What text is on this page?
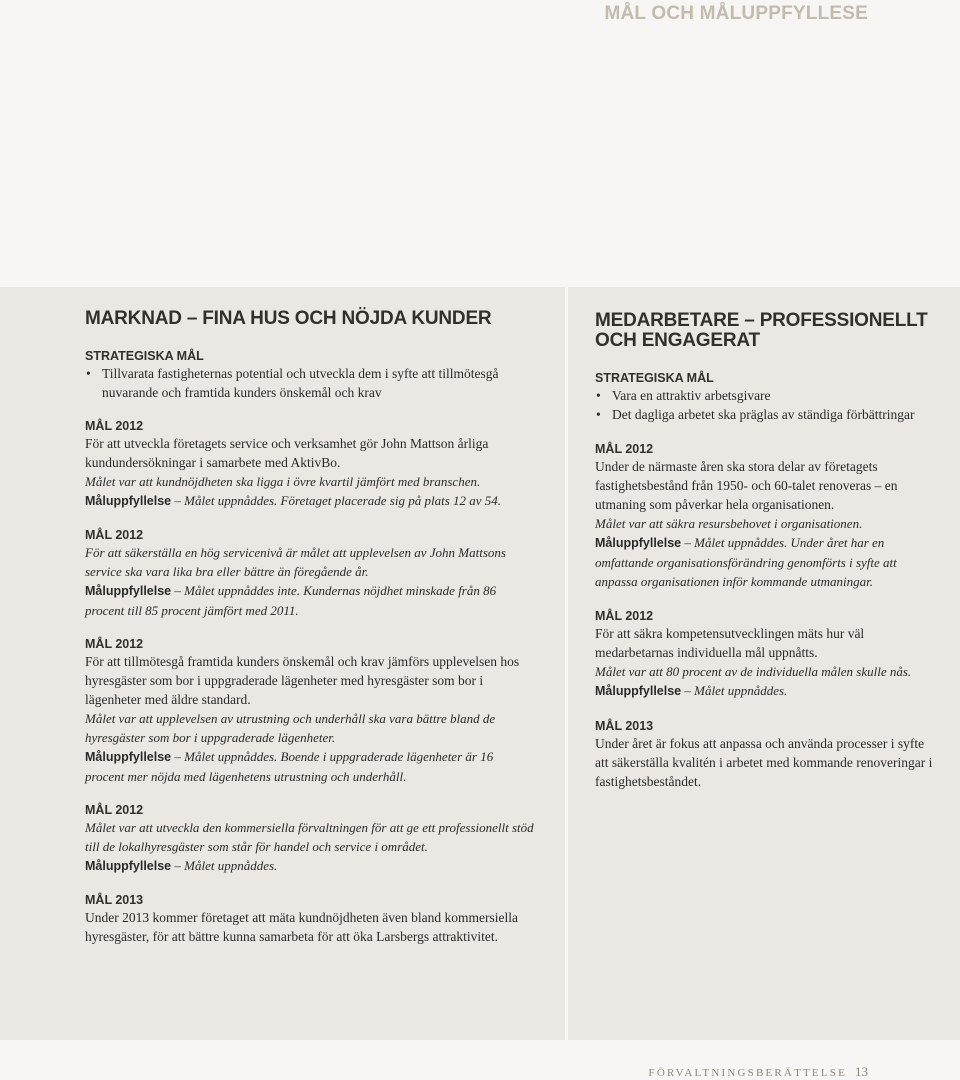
MÅL OCH MÅLUPPFYLLESE
MARKNAD – FINA HUS OCH NÖJDA KUNDER
STRATEGISKA MÅL
• Tillvarata fastigheternas potential och utveckla dem i syfte att tillmötesgå nuvarande och framtida kunders önskemål och krav
MÅL 2012

För att utveckla företagets service och verksamhet gör John Mattson årliga kundundersökningar i samarbete med AktivBo.

Målet var att kundnöjdheten ska ligga i övre kvartil jämfört med branschen.

Måluppfyllelse – Målet uppnåddes. Företaget placerade sig på plats 12 av 54.

MÅL 2012

För att säkerställa en hög servicenivå är målet att upplevelsen av John Mattsons service ska vara lika bra eller bättre än föregående år.

Måluppfyllelse – Målet uppnåddes inte. Kundernas nöjdhet minskade från 86 procent till 85 procent jämfört med 2011.

MÅL 2012

För att tillmötesgå framtida kunders önskemål och krav jämförs upplevelsen hos hyresgäster som bor i uppgraderade lägenheter med hyresgäster som bor i lägenheter med äldre standard.

Målet var att upplevelsen av utrustning och underhåll ska vara bättre bland de hyresgäster som bor i uppgraderade lägenheter.

Måluppfyllelse – Målet uppnåddes. Boende i uppgraderade lägenheter är 16 procent mer nöjda med lägenhetens utrustning och underhåll.

MÅL 2012

Målet var att utveckla den kommersiella förvaltningen för att ge ett professionellt stöd till de lokalhyresgäster som står för handel och service i området.

Måluppfyllelse – Målet uppnåddes.

MÅL 2013

Under 2013 kommer företaget att mäta kundnöjdheten även bland kommersiella hyresgäster, för att bättre kunna samarbeta för att öka Larsbergs attraktivitet.

MEDARBETARE – PROFESSIONELLT OCH ENGAGERAT
STRATEGISKA MÅL
• Vara en attraktiv arbetsgivare
• Det dagliga arbetet ska präglas av ständiga förbättringar
MÅL 2012

Under de närmaste åren ska stora delar av företagets fastighetsbestånd från 1950- och 60-talet renoveras – en utmaning som påverkar hela organisationen.

Målet var att säkra resursbehovet i organisationen.

Måluppfyllelse – Målet uppnåddes. Under året har en omfattande organisationsförändring genomförts i syfte att anpassa organisationen inför kommande utmaningar.

MÅL 2012

För att säkra kompetensutvecklingen mäts hur väl medarbetarnas individuella mål uppnåtts.

Målet var att 80 procent av de individuella målen skulle nås.

Måluppfyllelse – Målet uppnåddes.

MÅL 2013

Under året är fokus att anpassa och använda processer i syfte att säkerställa kvalitén i arbetet med kommande renoveringar i fastighetsbeståndet.

FÖRVALTNINGSBERÄTTELSE 13
